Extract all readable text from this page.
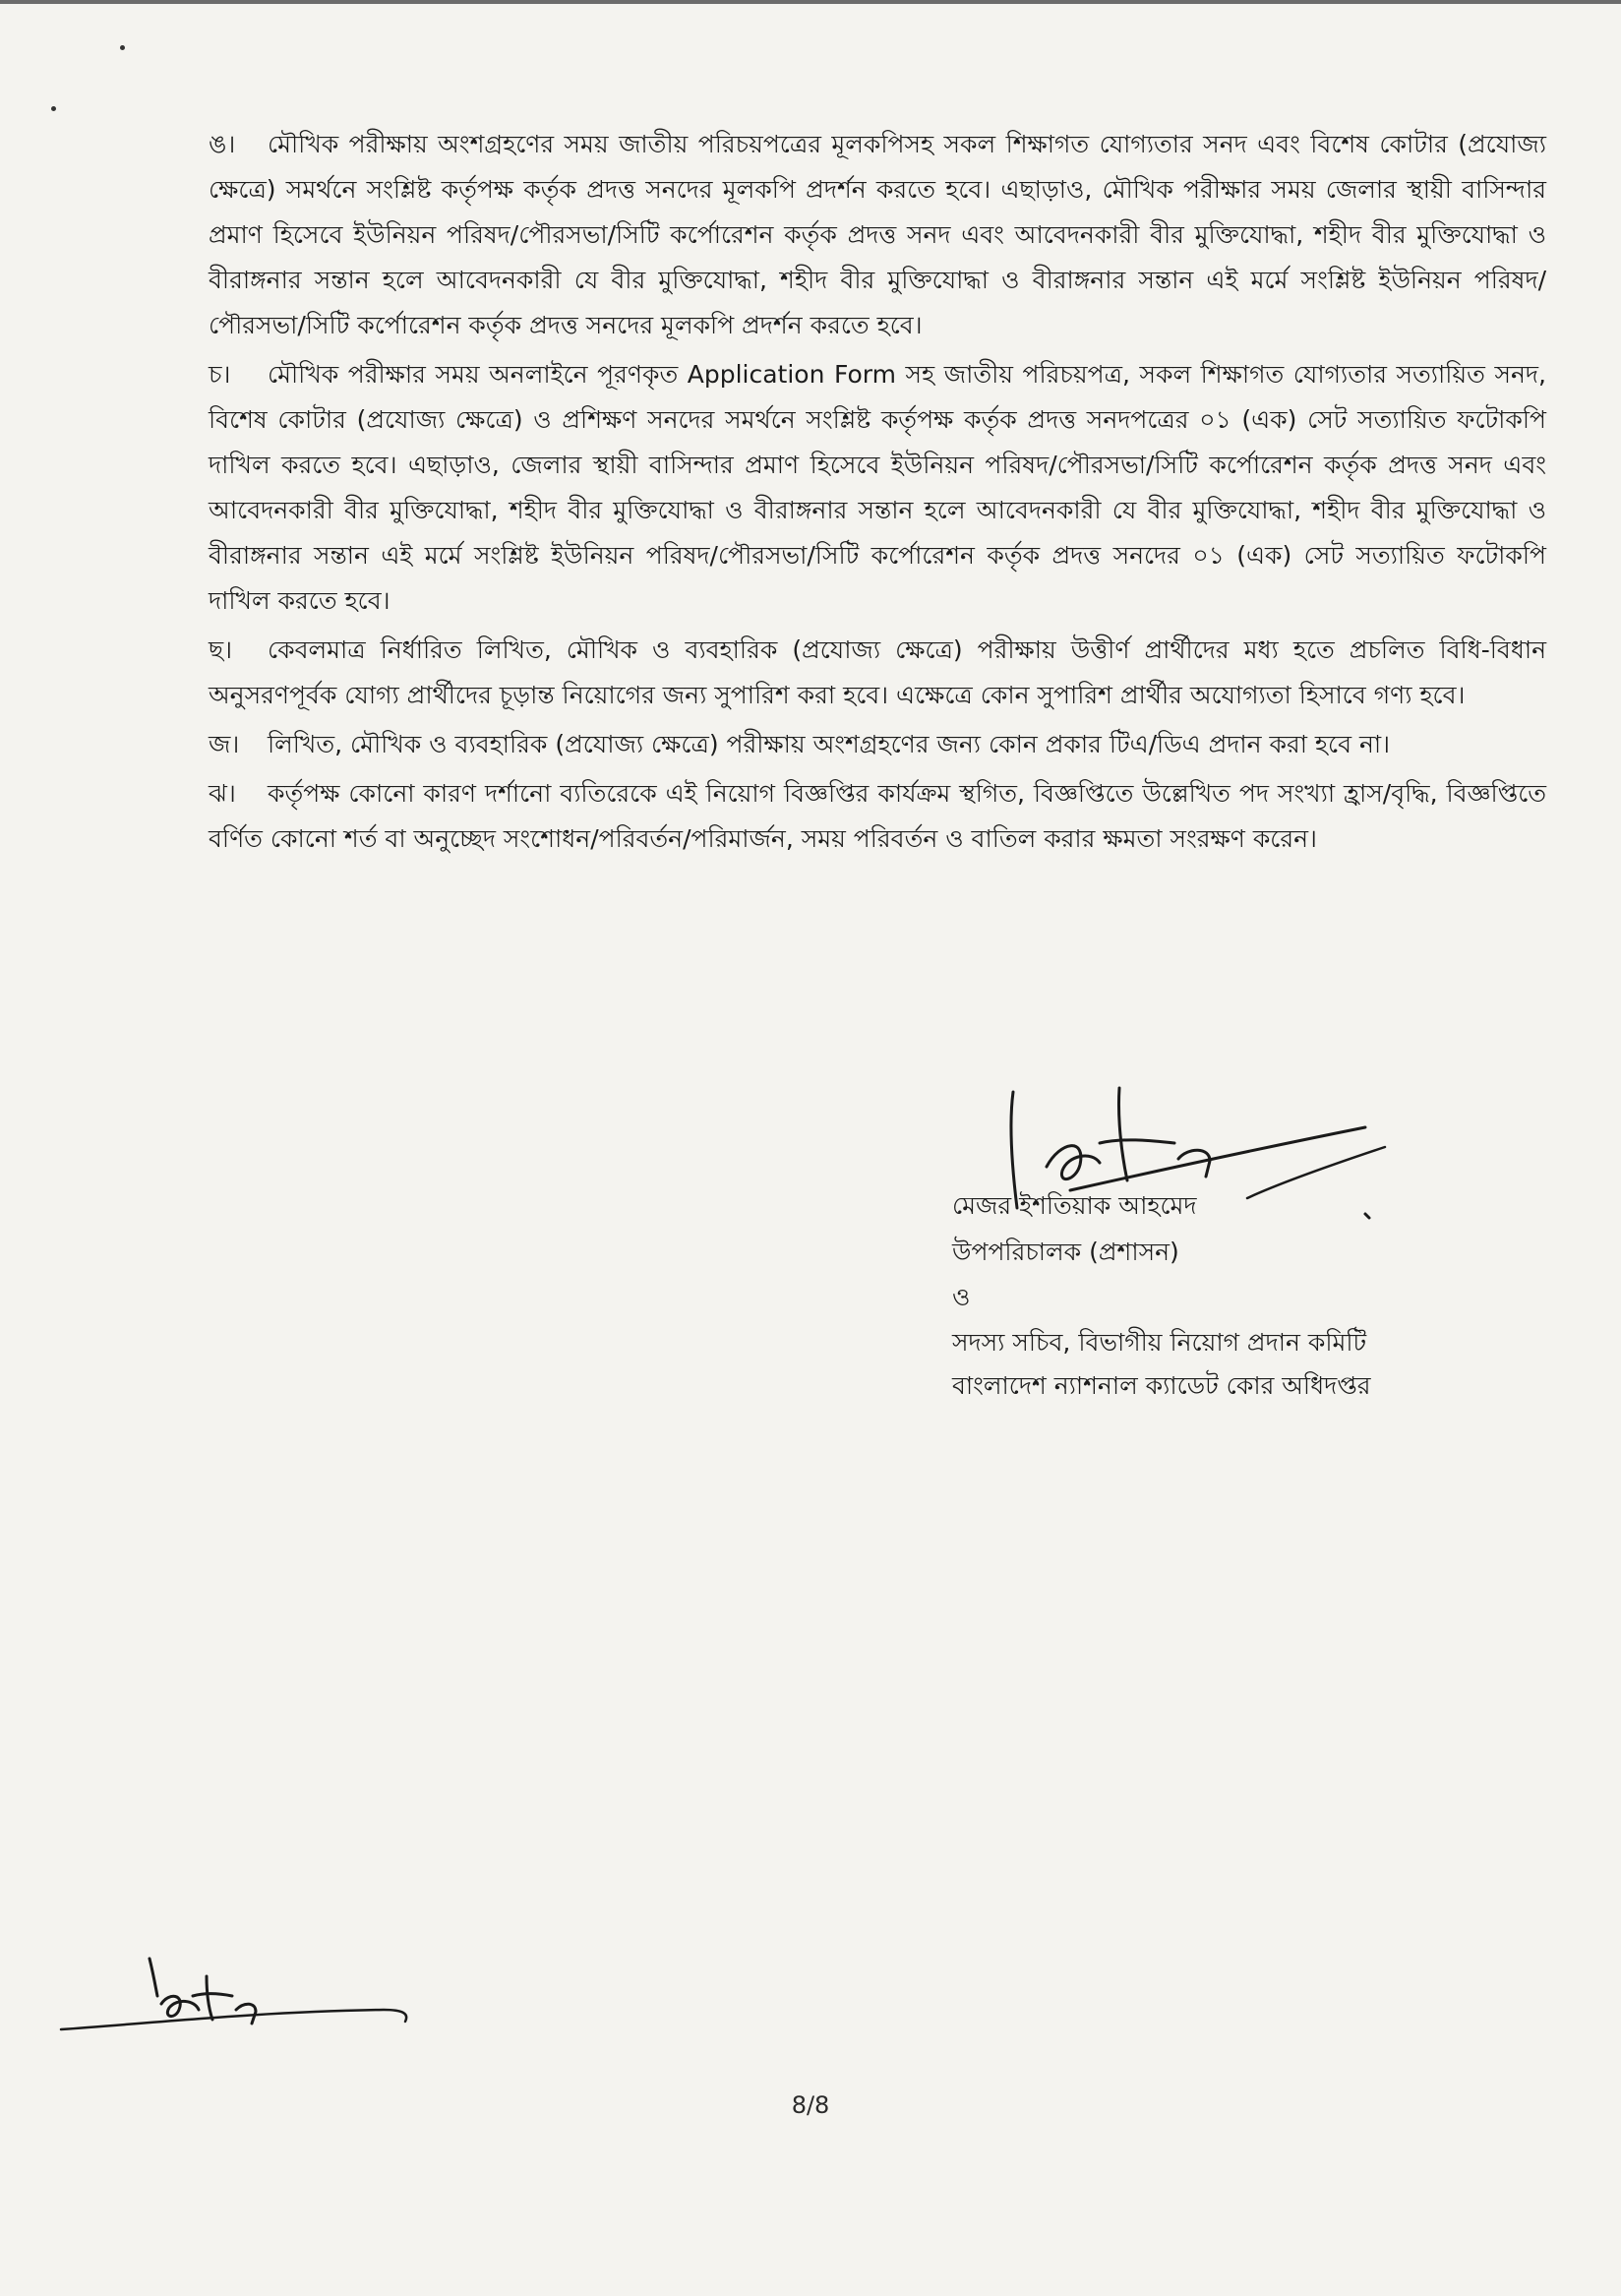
ঙ। মৌখিক পরীক্ষায় অংশগ্রহণের সময় জাতীয় পরিচয়পত্রের মূলকপিসহ সকল শিক্ষাগত যোগ্যতার সনদ এবং বিশেষ কোটার (প্রযোজ্য ক্ষেত্রে) সমর্থনে সংশ্লিষ্ট কর্তৃপক্ষ কর্তৃক প্রদত্ত সনদের মূলকপি প্রদর্শন করতে হবে। এছাড়াও, মৌখিক পরীক্ষার সময় জেলার স্থায়ী বাসিন্দার প্রমাণ হিসেবে ইউনিয়ন পরিষদ/পৌরসভা/সিটি কর্পোরেশন কর্তৃক প্রদত্ত সনদ এবং আবেদনকারী বীর মুক্তিযোদ্ধা, শহীদ বীর মুক্তিযোদ্ধা ও বীরাঙ্গনার সন্তান হলে আবেদনকারী যে বীর মুক্তিযোদ্ধা, শহীদ বীর মুক্তিযোদ্ধা ও বীরাঙ্গনার সন্তান এই মর্মে সংশ্লিষ্ট ইউনিয়ন পরিষদ/পৌরসভা/সিটি কর্পোরেশন কর্তৃক প্রদত্ত সনদের মূলকপি প্রদর্শন করতে হবে।

চ। মৌখিক পরীক্ষার সময় অনলাইনে পূরণকৃত Application Form সহ জাতীয় পরিচয়পত্র, সকল শিক্ষাগত যোগ্যতার সত্যায়িত সনদ, বিশেষ কোটার (প্রযোজ্য ক্ষেত্রে) ও প্রশিক্ষণ সনদের সমর্থনে সংশ্লিষ্ট কর্তৃপক্ষ কর্তৃক প্রদত্ত সনদপত্রের ০১ (এক) সেট সত্যায়িত ফটোকপি দাখিল করতে হবে। এছাড়াও, জেলার স্থায়ী বাসিন্দার প্রমাণ হিসেবে ইউনিয়ন পরিষদ/পৌরসভা/সিটি কর্পোরেশন কর্তৃক প্রদত্ত সনদ এবং আবেদনকারী বীর মুক্তিযোদ্ধা, শহীদ বীর মুক্তিযোদ্ধা ও বীরাঙ্গনার সন্তান হলে আবেদনকারী যে বীর মুক্তিযোদ্ধা, শহীদ বীর মুক্তিযোদ্ধা ও বীরাঙ্গনার সন্তান এই মর্মে সংশ্লিষ্ট ইউনিয়ন পরিষদ/পৌরসভা/সিটি কর্পোরেশন কর্তৃক প্রদত্ত সনদের ০১ (এক) সেট সত্যায়িত ফটোকপি দাখিল করতে হবে।

ছ। কেবলমাত্র নির্ধারিত লিখিত, মৌখিক ও ব্যবহারিক (প্রযোজ্য ক্ষেত্রে) পরীক্ষায় উত্তীর্ণ প্রার্থীদের মধ্য হতে প্রচলিত বিধি-বিধান অনুসরণপূর্বক যোগ্য প্রার্থীদের চূড়ান্ত নিয়োগের জন্য সুপারিশ করা হবে। এক্ষেত্রে কোন সুপারিশ প্রার্থীর অযোগ্যতা হিসাবে গণ্য হবে।

জ। লিখিত, মৌখিক ও ব্যবহারিক (প্রযোজ্য ক্ষেত্রে) পরীক্ষায় অংশগ্রহণের জন্য কোন প্রকার টিএ/ডিএ প্রদান করা হবে না।

ঝ। কর্তৃপক্ষ কোনো কারণ দর্শানো ব্যতিরেকে এই নিয়োগ বিজ্ঞপ্তির কার্যক্রম স্থগিত, বিজ্ঞপ্তিতে উল্লেখিত পদ সংখ্যা হ্রাস/বৃদ্ধি, বিজ্ঞপ্তিতে বর্ণিত কোনো শর্ত বা অনুচ্ছেদ সংশোধন/পরিবর্তন/পরিমার্জন, সময় পরিবর্তন ও বাতিল করার ক্ষমতা সংরক্ষণ করেন।

মেজর ইশতিয়াক আহমেদ
উপপরিচালক (প্রশাসন)
ও
সদস্য সচিব, বিভাগীয় নিয়োগ প্রদান কমিটি
বাংলাদেশ ন্যাশনাল ক্যাডেট কোর অধিদপ্তর
8/8
